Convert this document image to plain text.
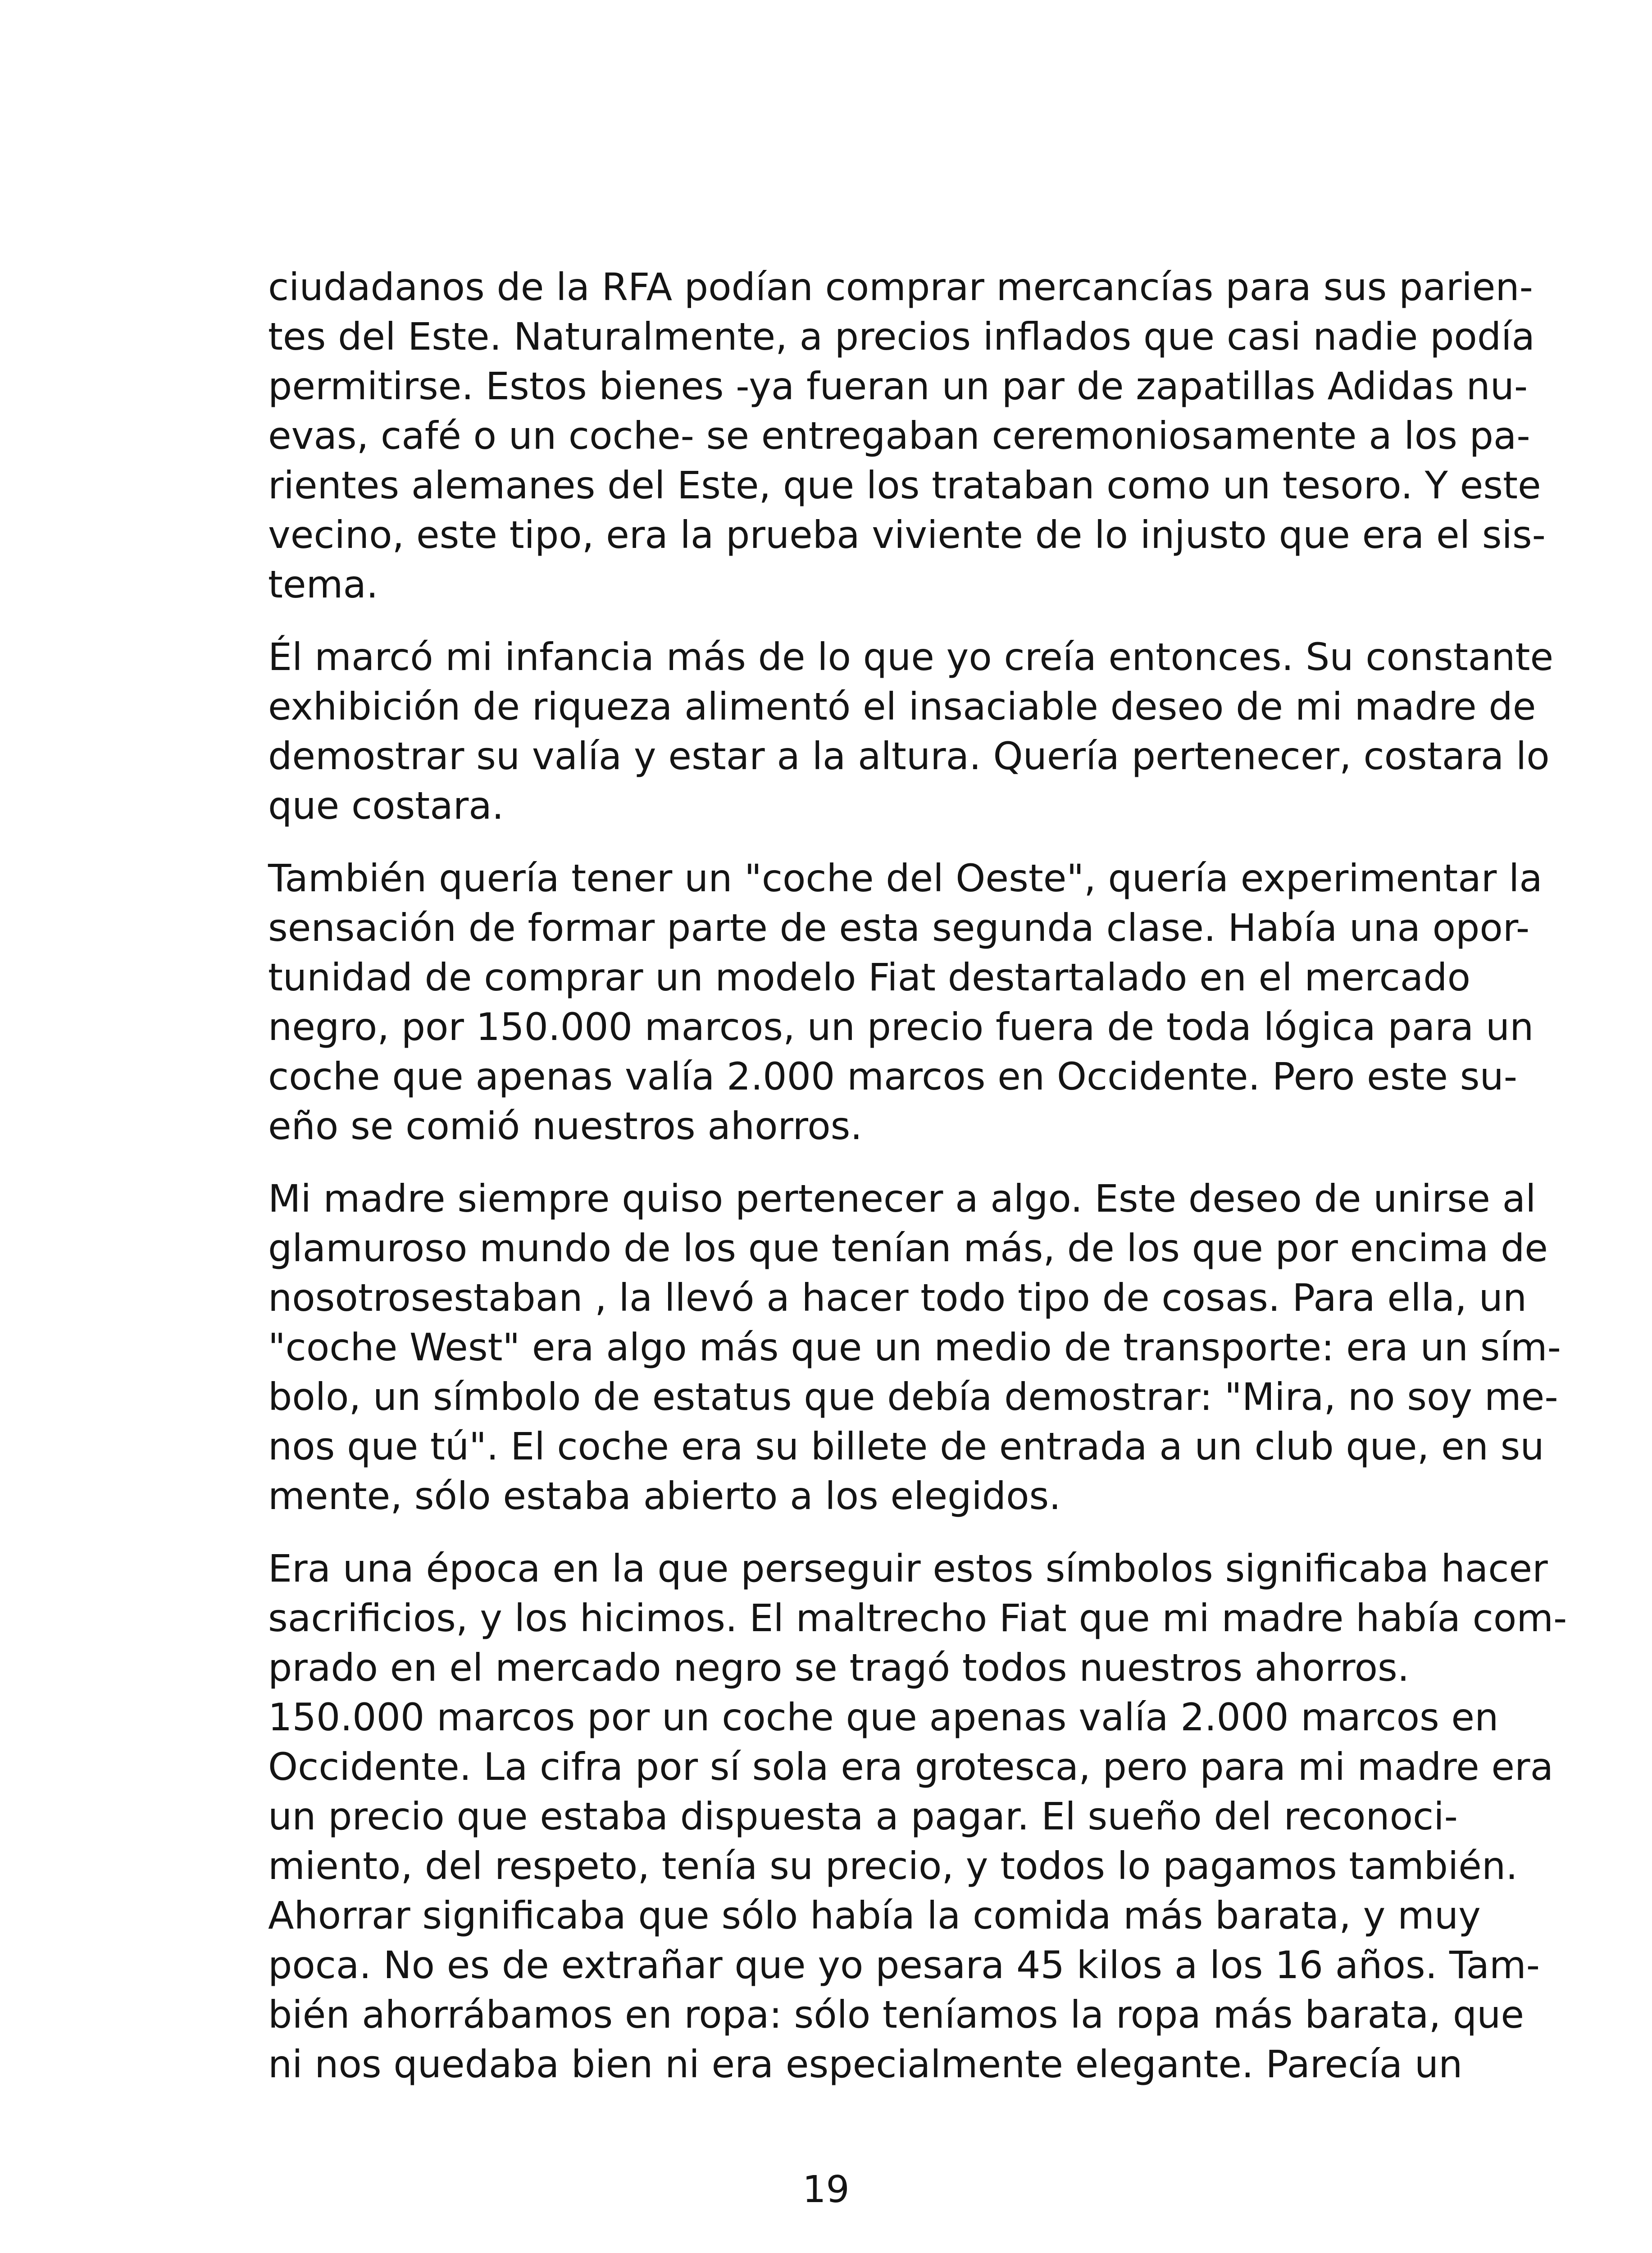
ciudadanos de la RFA podían comprar mercancías para sus parien-
tes del Este. Naturalmente, a precios inflados que casi nadie podía
permitirse. Estos bienes -ya fueran un par de zapatillas Adidas nu-
evas, café o un coche- se entregaban ceremoniosamente a los pa-
rientes alemanes del Este, que los trataban como un tesoro. Y este
vecino, este tipo, era la prueba viviente de lo injusto que era el sis-
tema.

Él marcó mi infancia más de lo que yo creía entonces. Su constante
exhibición de riqueza alimentó el insaciable deseo de mi madre de
demostrar su valía y estar a la altura. Quería pertenecer, costara lo
que costara.

También quería tener un "coche del Oeste", quería experimentar la
sensación de formar parte de esta segunda clase. Había una opor-
tunidad de comprar un modelo Fiat destartalado en el mercado
negro, por 150.000 marcos, un precio fuera de toda lógica para un
coche que apenas valía 2.000 marcos en Occidente. Pero este su-
eño se comió nuestros ahorros.

Mi madre siempre quiso pertenecer a algo. Este deseo de unirse al
glamuroso mundo de los que tenían más, de los que por encima de
nosotrosestaban , la llevó a hacer todo tipo de cosas. Para ella, un
"coche West" era algo más que un medio de transporte: era un sím-
bolo, un símbolo de estatus que debía demostrar: "Mira, no soy me-
nos que tú". El coche era su billete de entrada a un club que, en su
mente, sólo estaba abierto a los elegidos.

Era una época en la que perseguir estos símbolos significaba hacer
sacrificios, y los hicimos. El maltrecho Fiat que mi madre había com-
prado en el mercado negro se tragó todos nuestros ahorros.
150.000 marcos por un coche que apenas valía 2.000 marcos en
Occidente. La cifra por sí sola era grotesca, pero para mi madre era
un precio que estaba dispuesta a pagar. El sueño del reconoci-
miento, del respeto, tenía su precio, y todos lo pagamos también.
Ahorrar significaba que sólo había la comida más barata, y muy
poca. No es de extrañar que yo pesara 45 kilos a los 16 años. Tam-
bién ahorrábamos en ropa: sólo teníamos la ropa más barata, que
ni nos quedaba bien ni era especialmente elegante. Parecía un

19
